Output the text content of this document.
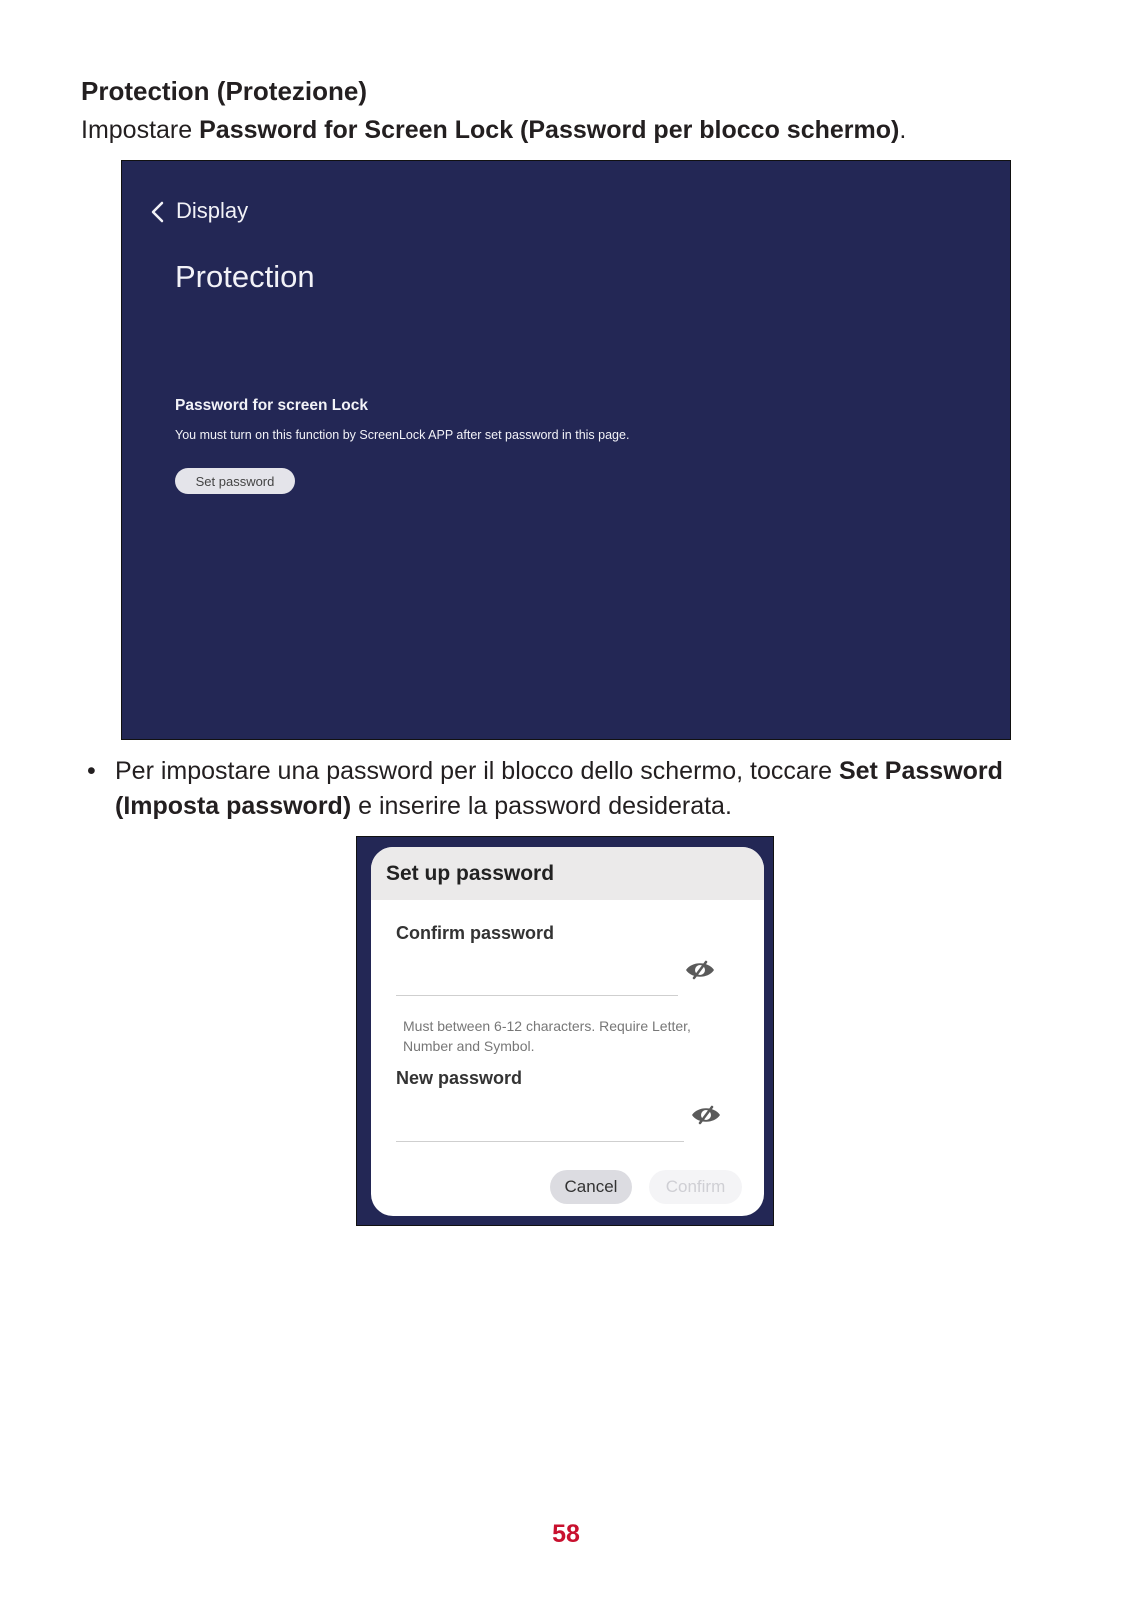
Protection (Protezione)

Impostare Password for Screen Lock (Password per blocco schermo).

Display
Protection
Password for screen Lock
You must turn on this function by ScreenLock APP after set password in this page.
Set password
• Per impostare una password per il blocco dello schermo, toccare Set Password (Imposta password) e inserire la password desiderata.

Set up password
Confirm password
Must between 6-12 characters. Require Letter, Number and Symbol.
New password
Cancel	Confirm
58
